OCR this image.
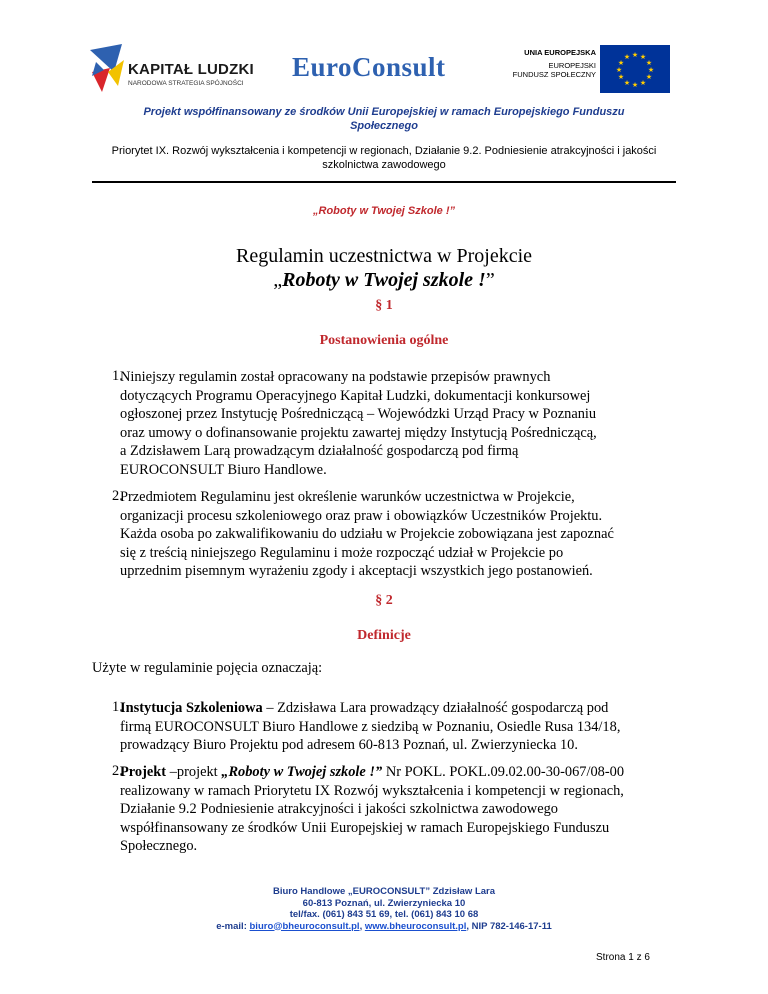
KAPITAŁ LUDZKI
NARODOWA STRATEGIA SPÓJNOŚCI
EuroConsult	UNIA EUROPEJSKA
EUROPEJSKI
FUNDUSZ SPOŁECZNY
★ ★
★
★
★
★
★
★
★
★
★
★
Projekt współfinansowany ze środków Unii Europejskiej w ramach Europejskiego Funduszu
Społecznego
Priorytet IX. Rozwój wykształcenia i kompetencji w regionach, Działanie 9.2. Podniesienie atrakcyjności i jakości
szkolnictwa zawodowego
„Roboty w Twojej Szkole !”
Regulamin uczestnictwa w Projekcie
„Roboty w Twojej szkole !”
§ 1
Postanowienia ogólne
1.
Niniejszy regulamin został opracowany na podstawie przepisów prawnych
dotyczących Programu Operacyjnego Kapitał Ludzki, dokumentacji konkursowej
ogłoszonej przez Instytucję Pośredniczącą – Wojewódzki Urząd Pracy w Poznaniu
oraz umowy o dofinansowanie projektu zawartej między Instytucją Pośredniczącą,
a Zdzisławem Larą prowadzącym działalność gospodarczą pod firmą
EUROCONSULT Biuro Handlowe.
2.
Przedmiotem Regulaminu jest określenie warunków uczestnictwa w Projekcie,
organizacji procesu szkoleniowego oraz praw i obowiązków Uczestników Projektu.
Każda osoba po zakwalifikowaniu do udziału w Projekcie zobowiązana jest zapoznać
się z treścią niniejszego Regulaminu i może rozpocząć udział w Projekcie po
uprzednim pisemnym wyrażeniu zgody i akceptacji wszystkich jego postanowień.
§ 2
Definicje
Użyte w regulaminie pojęcia oznaczają:
1.
Instytucja Szkoleniowa – Zdzisława Lara prowadzący działalność gospodarczą pod
firmą EUROCONSULT Biuro Handlowe z siedzibą w Poznaniu, Osiedle Rusa 134/18,
prowadzący Biuro Projektu pod adresem 60-813 Poznań, ul. Zwierzyniecka 10.
2.
Projekt –projekt „Roboty w Twojej szkole !” Nr POKL. POKL.09.02.00-30-067/08-00
realizowany w ramach Priorytetu IX Rozwój wykształcenia i kompetencji w regionach,
Działanie 9.2 Podniesienie atrakcyjności i jakości szkolnictwa zawodowego
współfinansowany ze środków Unii Europejskiej w ramach Europejskiego Funduszu
Społecznego.
Biuro Handlowe „EUROCONSULT” Zdzisław Lara
60-813 Poznań, ul. Zwierzyniecka 10
tel/fax. (061) 843 51 69, tel. (061) 843 10 68
e-mail: biuro@bheuroconsult.pl, www.bheuroconsult.pl, NIP 782-146-17-11
Strona 1 z 6
